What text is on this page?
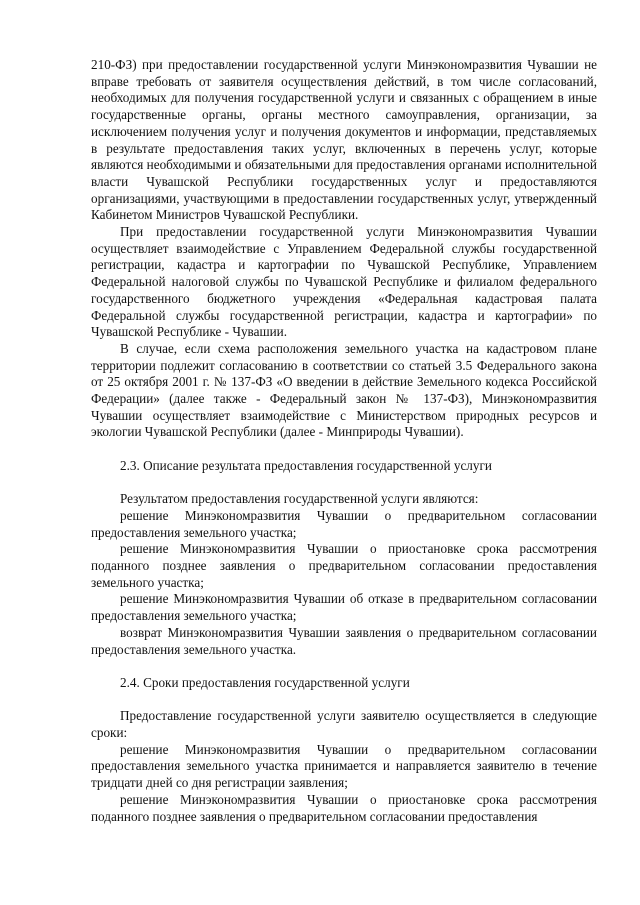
210-ФЗ) при предоставлении государственной услуги Минэкономразвития Чувашии не вправе требовать от заявителя осуществления действий, в том числе согласований, необходимых для получения государственной услуги и связанных с обращением в иные государственные органы, органы местного самоуправления, организации, за исключением получения услуг и получения документов и информации, представляемых в результате предоставления таких услуг, включенных в перечень услуг, которые являются необходимыми и обязательными для предоставления органами исполнительной власти Чувашской Республики государственных услуг и предоставляются организациями, участвующими в предоставлении государственных услуг, утвержденный Кабинетом Министров Чувашской Республики.

При предоставлении государственной услуги Минэкономразвития Чувашии осуществляет взаимодействие с Управлением Федеральной службы государственной регистрации, кадастра и картографии по Чувашской Республике, Управлением Федеральной налоговой службы по Чувашской Республике и филиалом федерального государственного бюджетного учреждения «Федеральная кадастровая палата Федеральной службы государственной регистрации, кадастра и картографии» по Чувашской Республике - Чувашии.

В случае, если схема расположения земельного участка на кадастровом плане территории подлежит согласованию в соответствии со статьей 3.5 Федерального закона от 25 октября 2001 г. № 137-ФЗ «О введении в действие Земельного кодекса Российской Федерации» (далее также - Федеральный закон № 137-ФЗ), Минэкономразвития Чувашии осуществляет взаимодействие с Министерством природных ресурсов и экологии Чувашской Республики (далее - Минприроды Чувашии).

2.3. Описание результата предоставления государственной услуги

Результатом предоставления государственной услуги являются:

решение Минэкономразвития Чувашии о предварительном согласовании предоставления земельного участка;

решение Минэкономразвития Чувашии о приостановке срока рассмотрения поданного позднее заявления о предварительном согласовании предоставления земельного участка;

решение Минэкономразвития Чувашии об отказе в предварительном согласовании предоставления земельного участка;

возврат Минэкономразвития Чувашии заявления о предварительном согласовании предоставления земельного участка.

2.4. Сроки предоставления государственной услуги

Предоставление государственной услуги заявителю осуществляется в следующие сроки:

решение Минэкономразвития Чувашии о предварительном согласовании предоставления земельного участка принимается и направляется заявителю в течение тридцати дней со дня регистрации заявления;

решение Минэкономразвития Чувашии о приостановке срока рассмотрения поданного позднее заявления о предварительном согласовании предоставления
